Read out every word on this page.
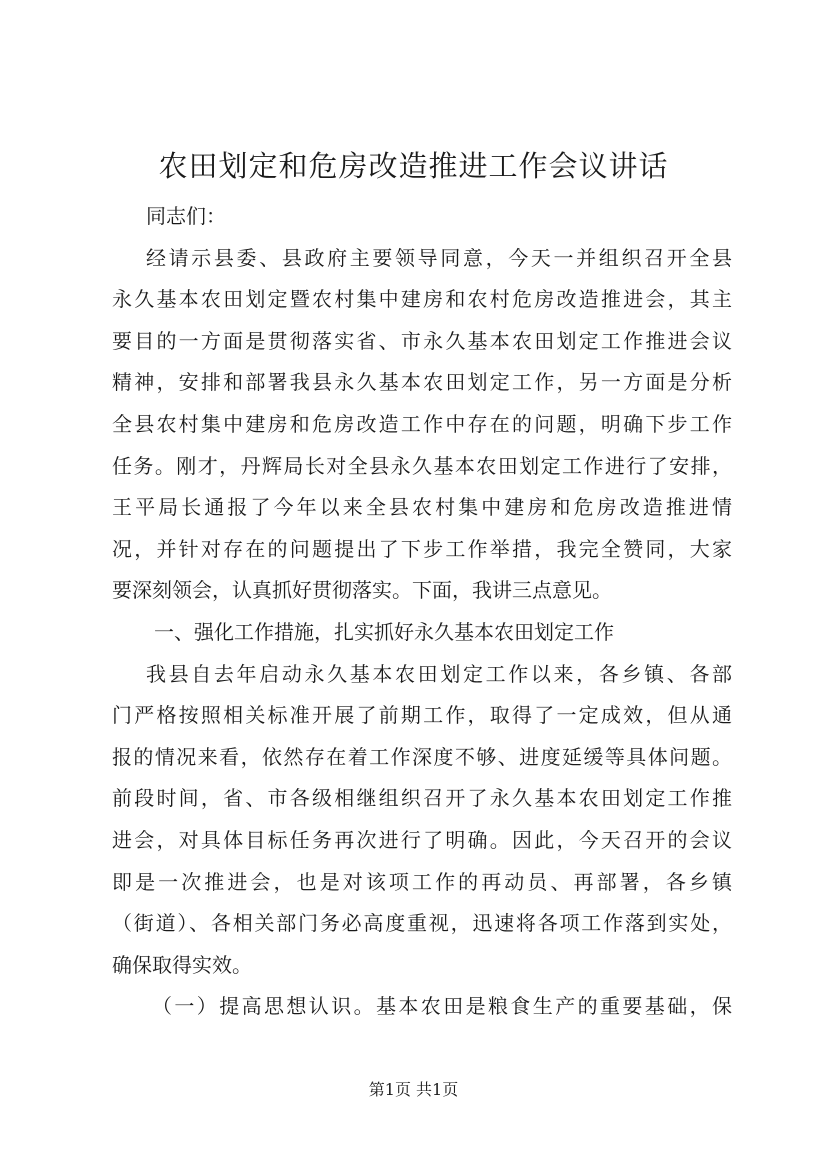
农田划定和危房改造推进工作会议讲话
同志们：
经请示县委、县政府主要领导同意，今天一并组织召开全县
永久基本农田划定暨农村集中建房和农村危房改造推进会，其主
要目的一方面是贯彻落实省、市永久基本农田划定工作推进会议
精神，安排和部署我县永久基本农田划定工作，另一方面是分析
全县农村集中建房和危房改造工作中存在的问题，明确下步工作
任务。刚才，丹辉局长对全县永久基本农田划定工作进行了安排，
王平局长通报了今年以来全县农村集中建房和危房改造推进情
况，并针对存在的问题提出了下步工作举措，我完全赞同，大家
要深刻领会，认真抓好贯彻落实。下面，我讲三点意见。
一、强化工作措施，扎实抓好永久基本农田划定工作
我县自去年启动永久基本农田划定工作以来，各乡镇、各部
门严格按照相关标准开展了前期工作，取得了一定成效，但从通
报的情况来看，依然存在着工作深度不够、进度延缓等具体问题。
前段时间，省、市各级相继组织召开了永久基本农田划定工作推
进会，对具体目标任务再次进行了明确。因此，今天召开的会议
即是一次推进会，也是对该项工作的再动员、再部署，各乡镇
（街道）、各相关部门务必高度重视，迅速将各项工作落到实处，
确保取得实效。
（一）提高思想认识。基本农田是粮食生产的重要基础，保
第1页 共1页
